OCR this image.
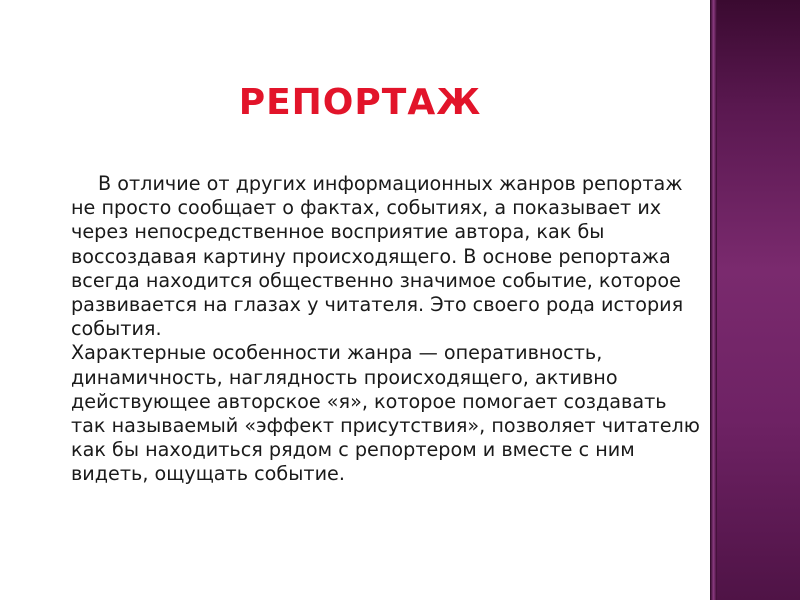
РЕПОРТАЖ

В отличие от других информационных жанров репортаж не просто сообщает о фактах, событиях, а показывает их через непосредственное восприятие автора, как бы воссоздавая картину происходящего. В основе репортажа всегда находится общественно значимое событие, которое развивается на глазах у читателя. Это своего рода история события.

Характерные особенности жанра — оперативность, динамичность, наглядность происходящего, активно действующее авторское «я», которое помогает создавать так называемый «эффект присутствия», позволяет читателю как бы находиться рядом с репортером и вместе с ним видеть, ощущать событие.
